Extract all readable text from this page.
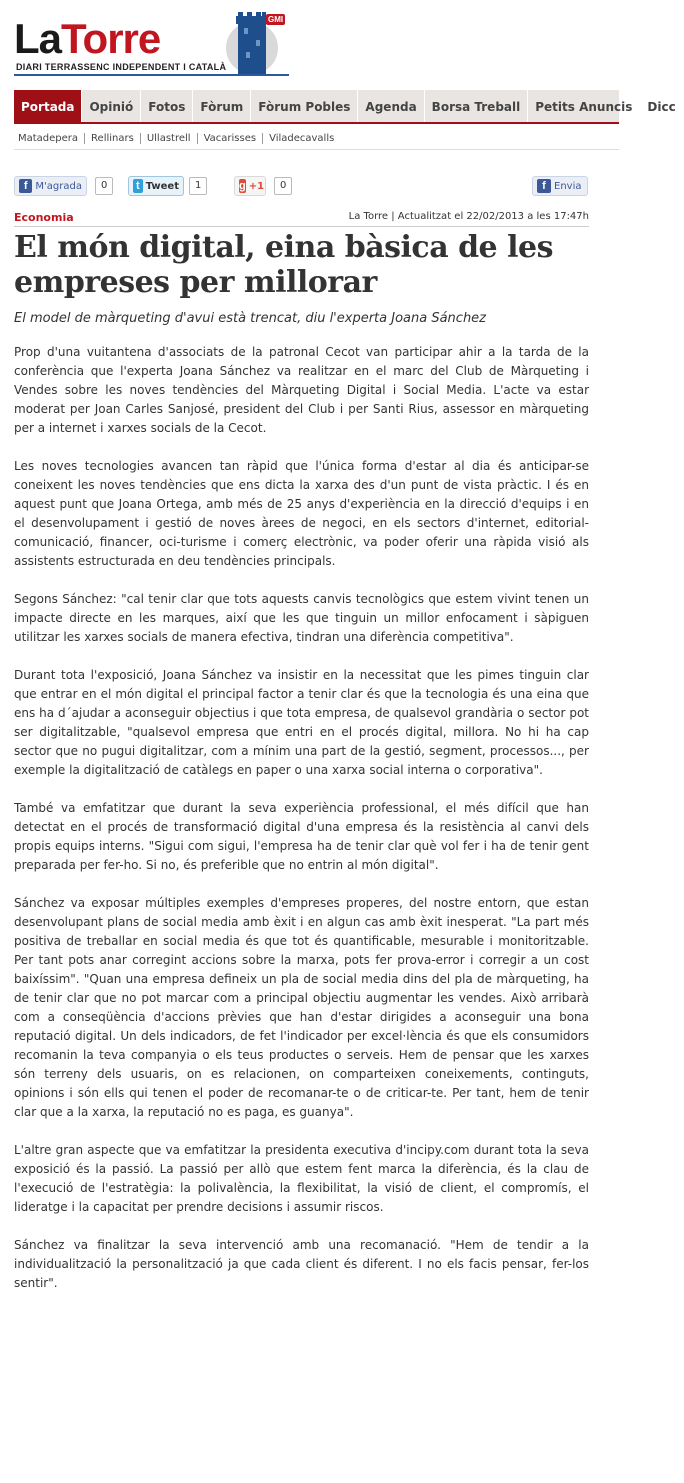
LaTorre	GMI
DIARI TERRASSENC INDEPENDENT I CATALÀ
Portada	Opinió	Fotos	Fòrum	Fòrum Pobles	Agenda	Borsa Treball	Petits Anuncis	Dicc
Matadepera	Rellinars	Ullastrell	Vacarisses	Viladecavalls
f M'agrada	0	t Tweet	1	g +1	0	f Envia
Economia	La Torre | Actualitzat el 22/02/2013 a les 17:47h
El món digital, eina bàsica de les empreses per millorar
El model de màrqueting d'avui està trencat, diu l'experta Joana Sánchez

Prop d'una vuitantena d'associats de la patronal Cecot van participar ahir a la tarda de la conferència que l'experta Joana Sánchez va realitzar en el marc del Club de Màrqueting i Vendes sobre les noves tendències del Màrqueting Digital i Social Media. L'acte va estar moderat per Joan Carles Sanjosé, president del Club i per Santi Rius, assessor en màrqueting per a internet i xarxes socials de la Cecot.

Les noves tecnologies avancen tan ràpid que l'única forma d'estar al dia és anticipar-se coneixent les noves tendències que ens dicta la xarxa des d'un punt de vista pràctic. I és en aquest punt que Joana Ortega, amb més de 25 anys d'experiència en la direcció d'equips i en el desenvolupament i gestió de noves àrees de negoci, en els sectors d'internet, editorial-comunicació, financer, oci-turisme i comerç electrònic, va poder oferir una ràpida visió als assistents estructurada en deu tendències principals.

Segons Sánchez: "cal tenir clar que tots aquests canvis tecnològics que estem vivint tenen un impacte directe en les marques, així que les que tinguin un millor enfocament i sàpiguen utilitzar les xarxes socials de manera efectiva, tindran una diferència competitiva".

Durant tota l'exposició, Joana Sánchez va insistir en la necessitat que les pimes tinguin clar que entrar en el món digital el principal factor a tenir clar és que la tecnologia és una eina que ens ha d´ajudar a aconseguir objectius i que tota empresa, de qualsevol grandària o sector pot ser digitalitzable, "qualsevol empresa que entri en el procés digital, millora. No hi ha cap sector que no pugui digitalitzar, com a mínim una part de la gestió, segment, processos..., per exemple la digitalització de catàlegs en paper o una xarxa social interna o corporativa".

També va emfatitzar que durant la seva experiència professional, el més difícil que han detectat en el procés de transformació digital d'una empresa és la resistència al canvi dels propis equips interns. "Sigui com sigui, l'empresa ha de tenir clar què vol fer i ha de tenir gent preparada per fer-ho. Si no, és preferible que no entrin al món digital".

Sánchez va exposar múltiples exemples d'empreses properes, del nostre entorn, que estan desenvolupant plans de social media amb èxit i en algun cas amb èxit inesperat. "La part més positiva de treballar en social media és que tot és quantificable, mesurable i monitoritzable. Per tant pots anar corregint accions sobre la marxa, pots fer prova-error i corregir a un cost baixíssim". "Quan una empresa defineix un pla de social media dins del pla de màrqueting, ha de tenir clar que no pot marcar com a principal objectiu augmentar les vendes. Això arribarà com a conseqüència d'accions prèvies que han d'estar dirigides a aconseguir una bona reputació digital. Un dels indicadors, de fet l'indicador per excel·lència és que els consumidors recomanin la teva companyia o els teus productes o serveis. Hem de pensar que les xarxes són terreny dels usuaris, on es relacionen, on comparteixen coneixements, continguts, opinions i són ells qui tenen el poder de recomanar-te o de criticar-te. Per tant, hem de tenir clar que a la xarxa, la reputació no es paga, es guanya".

L'altre gran aspecte que va emfatitzar la presidenta executiva d'incipy.com durant tota la seva exposició és la passió. La passió per allò que estem fent marca la diferència, és la clau de l'execució de l'estratègia: la polivalència, la flexibilitat, la visió de client, el compromís, el lideratge i la capacitat per prendre decisions i assumir riscos.

Sánchez va finalitzar la seva intervenció amb una recomanació. "Hem de tendir a la individualització la personalització ja que cada client és diferent. I no els facis pensar, fer-los sentir".
